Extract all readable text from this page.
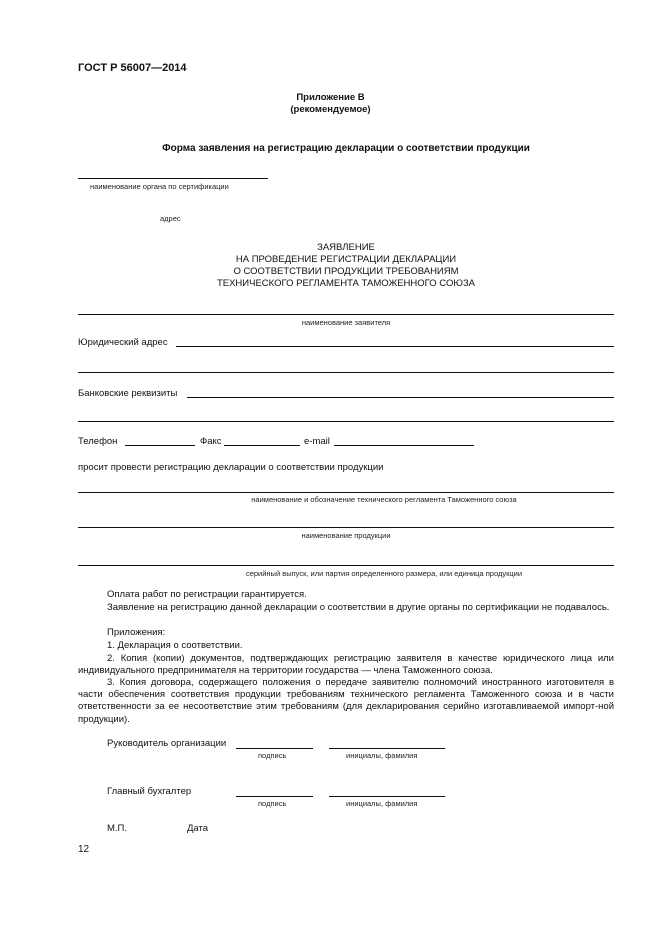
ГОСТ Р 56007—2014
Приложение В
(рекомендуемое)
Форма заявления на регистрацию декларации о соответствии продукции
наименование органа по сертификации
адрес
ЗАЯВЛЕНИЕ
НА ПРОВЕДЕНИЕ РЕГИСТРАЦИИ ДЕКЛАРАЦИИ
О СООТВЕТСТВИИ ПРОДУКЦИИ ТРЕБОВАНИЯМ
ТЕХНИЧЕСКОГО РЕГЛАМЕНТА ТАМОЖЕННОГО СОЮЗА
наименование заявителя
Юридический адрес
Банковские реквизиты
Телефон	Факс	e-mail
просит провести регистрацию декларации о соответствии продукции
наименование и обозначение технического регламента Таможенного союза
наименование продукции
серийный выпуск, или партия определенного размера, или единица продукции
Оплата работ по регистрации гарантируется.
Заявление на регистрацию данной декларации о соответствии в другие органы по сертификации не подавалось.
Приложения:
1. Декларация о соответствии.
2. Копия (копии) документов, подтверждающих регистрацию заявителя в качестве юридического лица или индивидуального предпринимателя на территории государства — члена Таможенного союза.
3. Копия договора, содержащего положения о передаче заявителю полномочий иностранного изготовителя в части обеспечения соответствия продукции требованиям технического регламента Таможенного союза и в части ответственности за ее несоответствие этим требованиям (для декларирования серийно изготавливаемой импорт-ной продукции).
Руководитель организации
подпись	инициалы, фамилия
Главный бухгалтер
подпись	инициалы, фамилия
М.П.	Дата
12
